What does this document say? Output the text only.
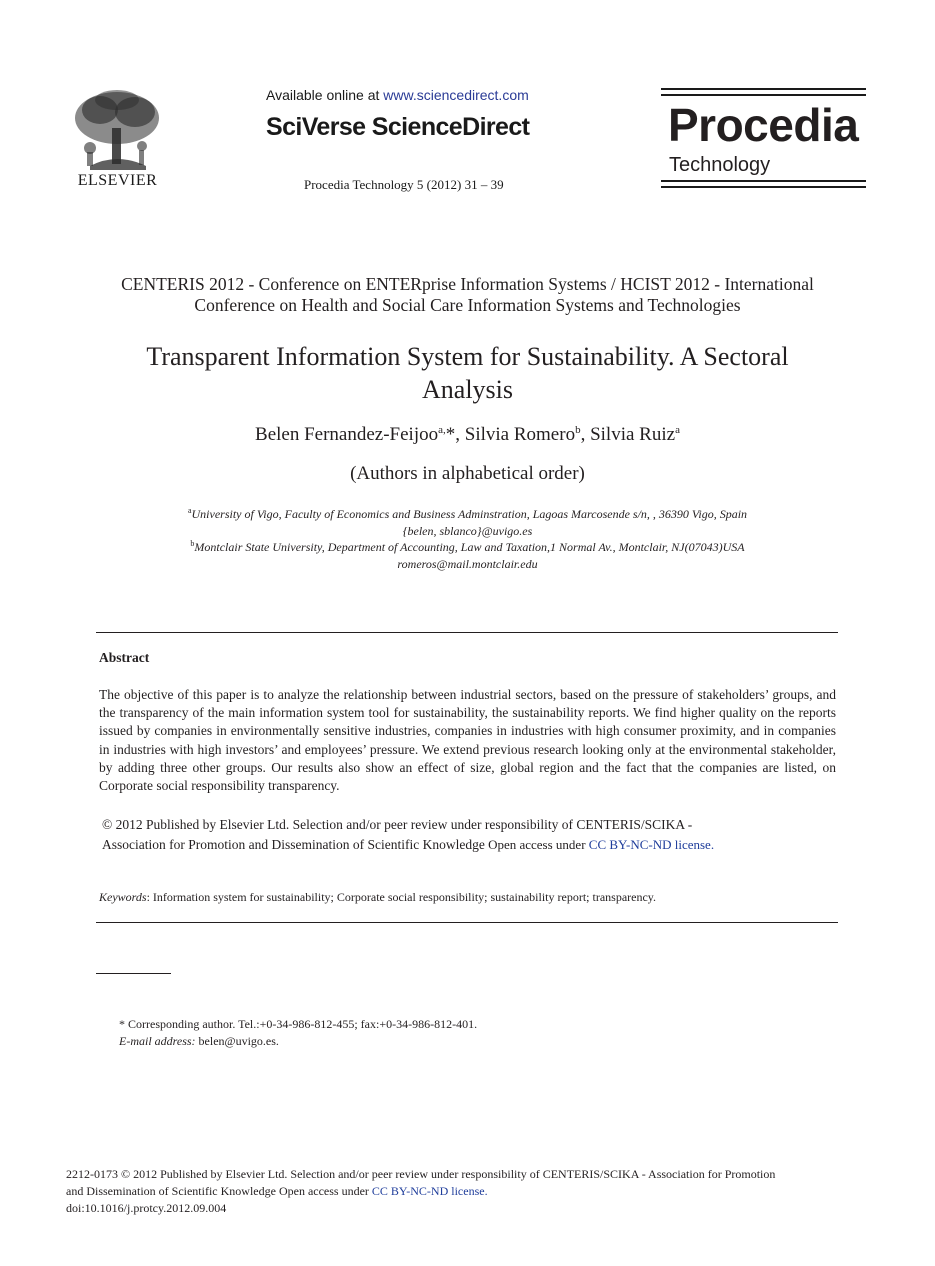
ELSEVIER
Available online at www.sciencedirect.com
SciVerse ScienceDirect
Procedia Technology 5 (2012) 31 – 39
Procedia
Technology
CENTERIS 2012 - Conference on ENTERprise Information Systems / HCIST 2012 - International
Conference on Health and Social Care Information Systems and Technologies
Transparent Information System for Sustainability. A Sectoral
Analysis
Belen Fernandez-Feijoo$^{a,}$*, Silvia Romero$^b$, Silvia Ruiz$^a$
(Authors in alphabetical order)
$^a$University of Vigo, Faculty of Economics and Business Adminstration, Lagoas Marcosende s/n, , 36390 Vigo, Spain
{belen, sblanco}@uvigo.es
$^b$Montclair State University, Department of Accounting, Law and Taxation,1 Normal Av., Montclair, NJ(07043)USA
romeros@mail.montclair.edu
Abstract
The objective of this paper is to analyze the relationship between industrial sectors, based on the pressure of stakeholders’ groups, and the transparency of the main information system tool for sustainability, the sustainability reports. We find higher quality on the reports issued by companies in environmentally sensitive industries, companies in industries with high consumer proximity, and in companies in industries with high investors’ and employees’ pressure. We extend previous research looking only at the environmental stakeholder, by adding three other groups. Our results also show an effect of size, global region and the fact that the companies are listed, on Corporate social responsibility transparency.
© 2012 Published by Elsevier Ltd. Selection and/or peer review under responsibility of CENTERIS/SCIKA -
Association for Promotion and Dissemination of Scientific Knowledge Open access under CC BY-NC-ND license.
Keywords: Information system for sustainability; Corporate social responsibility; sustainability report; transparency.
* Corresponding author. Tel.:+0-34-986-812-455; fax:+0-34-986-812-401.
E-mail address: belen@uvigo.es.
2212-0173 © 2012 Published by Elsevier Ltd. Selection and/or peer review under responsibility of CENTERIS/SCIKA - Association for Promotion
and Dissemination of Scientific Knowledge Open access under CC BY-NC-ND license.
doi:10.1016/j.protcy.2012.09.004
